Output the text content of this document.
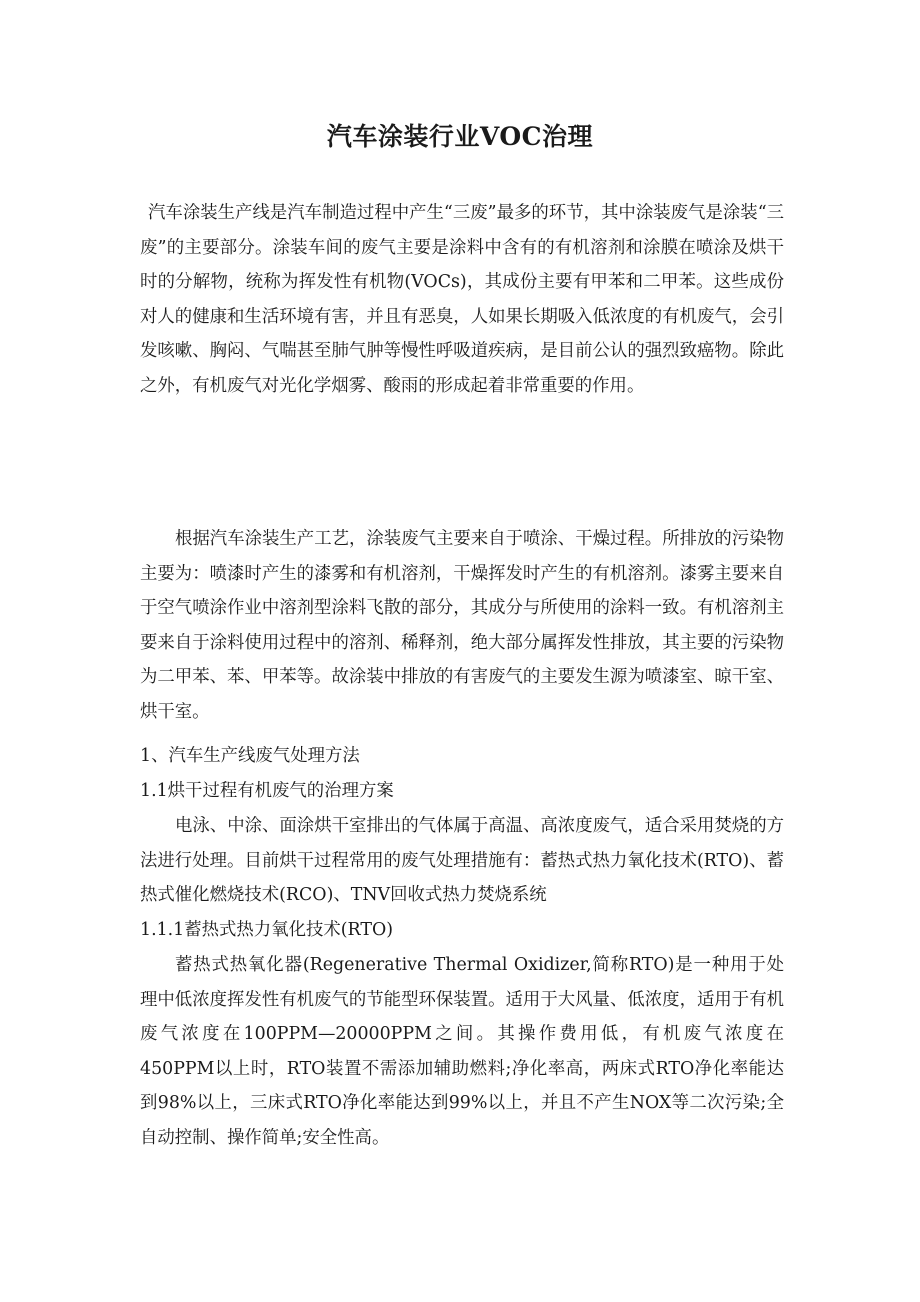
汽车涂装行业VOC治理

汽车涂装生产线是汽车制造过程中产生“三废”最多的环节，其中涂装废气是涂装“三废”的主要部分。涂装车间的废气主要是涂料中含有的有机溶剂和涂膜在喷涂及烘干时的分解物，统称为挥发性有机物(VOCs)，其成份主要有甲苯和二甲苯。这些成份对人的健康和生活环境有害，并且有恶臭，人如果长期吸入低浓度的有机废气，会引发咳嗽、胸闷、气喘甚至肺气肿等慢性呼吸道疾病，是目前公认的强烈致癌物。除此之外，有机废气对光化学烟雾、酸雨的形成起着非常重要的作用。

根据汽车涂装生产工艺，涂装废气主要来自于喷涂、干燥过程。所排放的污染物主要为：喷漆时产生的漆雾和有机溶剂，干燥挥发时产生的有机溶剂。漆雾主要来自于空气喷涂作业中溶剂型涂料飞散的部分，其成分与所使用的涂料一致。有机溶剂主要来自于涂料使用过程中的溶剂、稀释剂，绝大部分属挥发性排放，其主要的污染物为二甲苯、苯、甲苯等。故涂装中排放的有害废气的主要发生源为喷漆室、晾干室、烘干室。

1、汽车生产线废气处理方法

1.1烘干过程有机废气的治理方案

电泳、中涂、面涂烘干室排出的气体属于高温、高浓度废气，适合采用焚烧的方法进行处理。目前烘干过程常用的废气处理措施有：蓄热式热力氧化技术(RTO)、蓄热式催化燃烧技术(RCO)、TNV回收式热力焚烧系统

1.1.1蓄热式热力氧化技术(RTO)

蓄热式热氧化器(Regenerative Thermal Oxidizer,简称RTO)是一种用于处理中低浓度挥发性有机废气的节能型环保装置。适用于大风量、低浓度，适用于有机废气浓度在100PPM—20000PPM之间。其操作费用低，有机废气浓度在450PPM以上时，RTO装置不需添加辅助燃料;净化率高，两床式RTO净化率能达到98%以上，三床式RTO净化率能达到99%以上，并且不产生NOX等二次污染;全自动控制、操作简单;安全性高。
